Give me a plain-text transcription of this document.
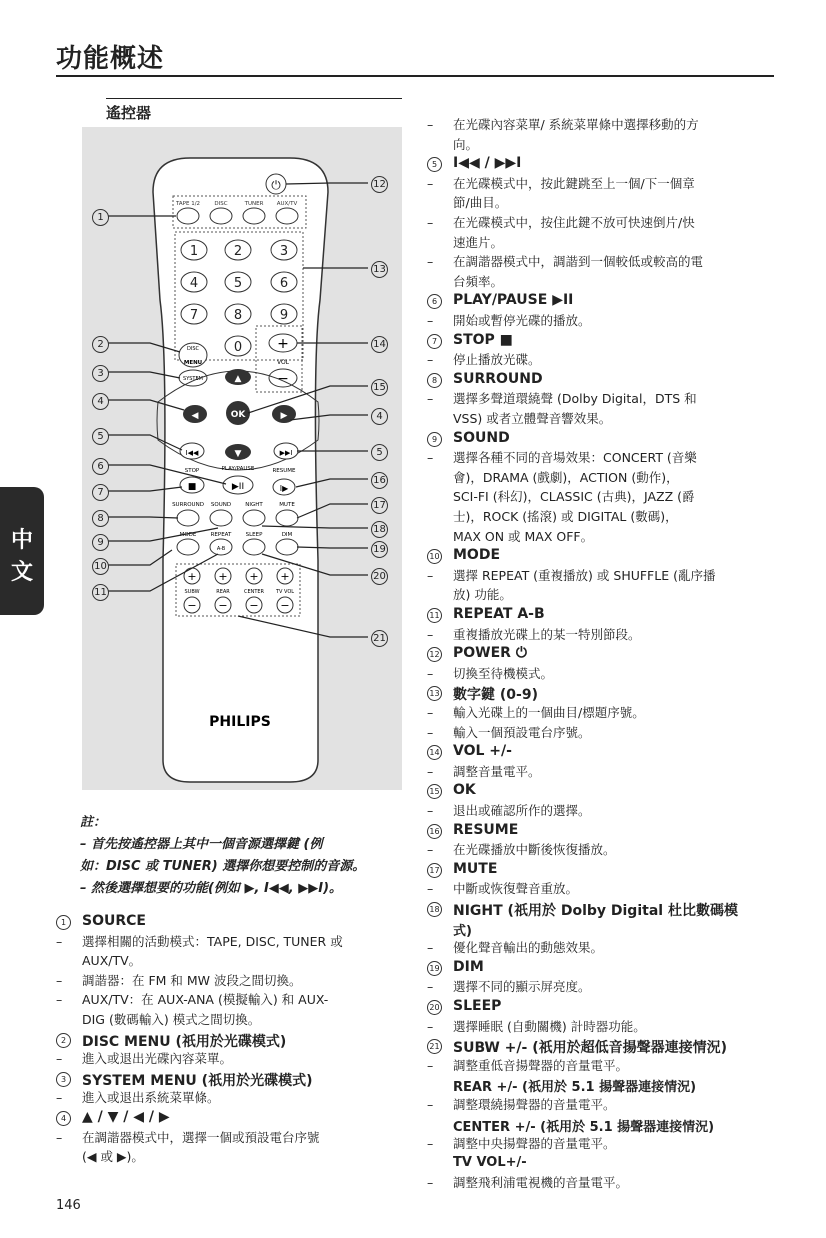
功能概述
遙控器
中
文
TAPE 1/2	DISC	TUNER AUX/TV
1	2	3
4	5	6
7	8	9
0
⏻
DISC
MENU
SYSTEM
+
VOL
−
▲
▼
◀	▶
OK
I◀◀	▶▶I
STOP
■
PLAY/PAUSE
▶II
RESUME
I▶
SURROUND SOUND	NIGHT	MUTE
MODE	REPEAT	SLEEP	DIM
A-B
+
SUBW
−
+
REAR
−
+
CENTER
−
+
TV VOL
−
PHILIPS
1
2
3
4
5
6
7
8
9
10
11
12
13
14
15
4
5
16
17
18
19
20
21
註：
– 首先按遙控器上其中一個音源選擇鍵 (例
如：DISC 或 TUNER) 選擇你想要控制的音源。
– 然後選擇想要的功能(例如 ▶, I◀◀, ▶▶I)。
1	SOURCE
– 選擇相關的活動模式：TAPE, DISC, TUNER 或
AUX/TV。
– 調諧器：在 FM 和 MW 波段之間切換。
– AUX/TV：在 AUX-ANA (模擬輸入) 和 AUX-
DIG (數碼輸入) 模式之間切換。
2	DISC MENU (祇用於光碟模式)
– 進入或退出光碟內容菜單。
3	SYSTEM MENU (祇用於光碟模式)
– 進入或退出系統菜單條。
4	▲ / ▼ / ◀ / ▶
– 在調諧器模式中，選擇一個或預設電台序號
(◀ 或 ▶)。
– 在光碟內容菜單/ 系統菜單條中選擇移動的方
向。
5	I◀◀ / ▶▶I
– 在光碟模式中，按此鍵跳至上一個/下一個章
節/曲目。
– 在光碟模式中，按住此鍵不放可快速倒片/快
速進片。
– 在調諧器模式中，調諧到一個較低或較高的電
台頻率。
6	PLAY/PAUSE ▶II
– 開始或暫停光碟的播放。
7	STOP ■
– 停止播放光碟。
8	SURROUND
– 選擇多聲道環繞聲 (Dolby Digital，DTS 和
VSS) 或者立體聲音響效果。
9	SOUND
– 選擇各種不同的音場效果：CONCERT (音樂
會)，DRAMA (戲劇)，ACTION (動作)，
SCI-FI (科幻)，CLASSIC (古典)，JAZZ (爵
士)，ROCK (搖滾) 或 DIGITAL (數碼)，
MAX ON 或 MAX OFF。
10 MODE
– 選擇 REPEAT (重複播放) 或 SHUFFLE (亂序播
放) 功能。
11 REPEAT A-B
– 重複播放光碟上的某一特別節段。
12 POWER ⏻
– 切換至待機模式。
13 數字鍵 (0-9)
– 輸入光碟上的一個曲目/標題序號。
– 輸入一個預設電台序號。
14 VOL +/-
– 調整音量電平。
15 OK
– 退出或確認所作的選擇。
16 RESUME
– 在光碟播放中斷後恢復播放。
17 MUTE
– 中斷或恢復聲音重放。
18 NIGHT (祇用於 Dolby Digital 杜比數碼模
式)
– 優化聲音輸出的動態效果。
19 DIM
– 選擇不同的顯示屏亮度。
20 SLEEP
– 選擇睡眠 (自動關機) 計時器功能。
21 SUBW +/- (祇用於超低音揚聲器連接情況)
– 調整重低音揚聲器的音量電平。
REAR +/- (祇用於 5.1 揚聲器連接情況)
– 調整環繞揚聲器的音量電平。
CENTER +/- (祇用於 5.1 揚聲器連接情況)
– 調整中央揚聲器的音量電平。
TV VOL+/-
– 調整飛利浦電視機的音量電平。
146
